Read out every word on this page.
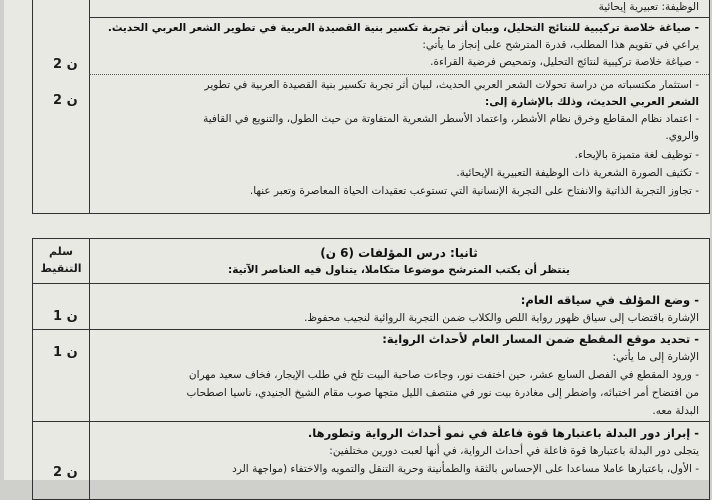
الوظيفة: تعبيرية إيحائية
- صياغة خلاصة تركيبية للنتائج التحليل، وبيان أثر تجربة تكسير بنية القصيدة العربية في تطوير الشعر العربي الحديث.
يراعي في تقويم هذا المطلب، قدرة المترشح على إنجاز ما يأتي:
- صياغة خلاصة تركيبية لنتائج التحليل، وتمحيص فرضية القراءة.
- استثمار مكتسباته من دراسة تحولات الشعر العربي الحديث، لبيان أثر تجربة تكسير بنية القصيدة العربية في تطوير
الشعر العربي الحديث، وذلك بالإشارة إلى:
- اعتماد نظام المقاطع وخرق نظام الأشطر، واعتماد الأسطر الشعرية المتفاوتة من حيث الطول، والتنويع في القافية
والروي.
- توظيف لغة متميزة بالإيحاء.
- تكثيف الصورة الشعرية ذات الوظيفة التعبيرية الإيحائية.
- تجاوز التجربة الذاتية والانفتاح على التجربة الإنسانية التي تستوعب تعقيدات الحياة المعاصرة وتعبر عنها.
2 ن
2 ن
سلم
التنقيط
ثانيا: درس المؤلفات (6 ن)
ينتظر أن يكتب المترشح موضوعا متكاملا، يتناول فيه العناصر الآتية:
- وضع المؤلف في سياقه العام:
الإشارة باقتضاب إلى سياق ظهور رواية اللص والكلاب ضمن التجربة الروائية لنجيب محفوظ.
- تحديد موقع المقطع ضمن المسار العام لأحداث الرواية:
الإشارة إلى ما يأتي:
- ورود المقطع في الفصل السابع عشر، حين اختفت نور، وجاءت صاحبة البيت تلح في طلب الإيجار، فخاف سعيد مهران
من افتضاح أمر اختبائه، واضطر إلى مغادرة بيت نور في منتصف الليل متجها صوب مقام الشيخ الجنيدي، ناسيا اصطحاب
البدلة معه.
- إبراز دور البدلة باعتبارها قوة فاعلة في نمو أحداث الرواية وتطورها.
يتجلى دور البدلة باعتبارها قوة فاعلة في أحداث الرواية، في أنها لعبت دورين مختلفين:
- الأول، باعتبارها عاملا مساعدا على الإحساس بالثقة والطمأنينة وحرية التنقل والتمويه والاختفاء (مواجهة الرد
1 ن
1 ن
2 ن
